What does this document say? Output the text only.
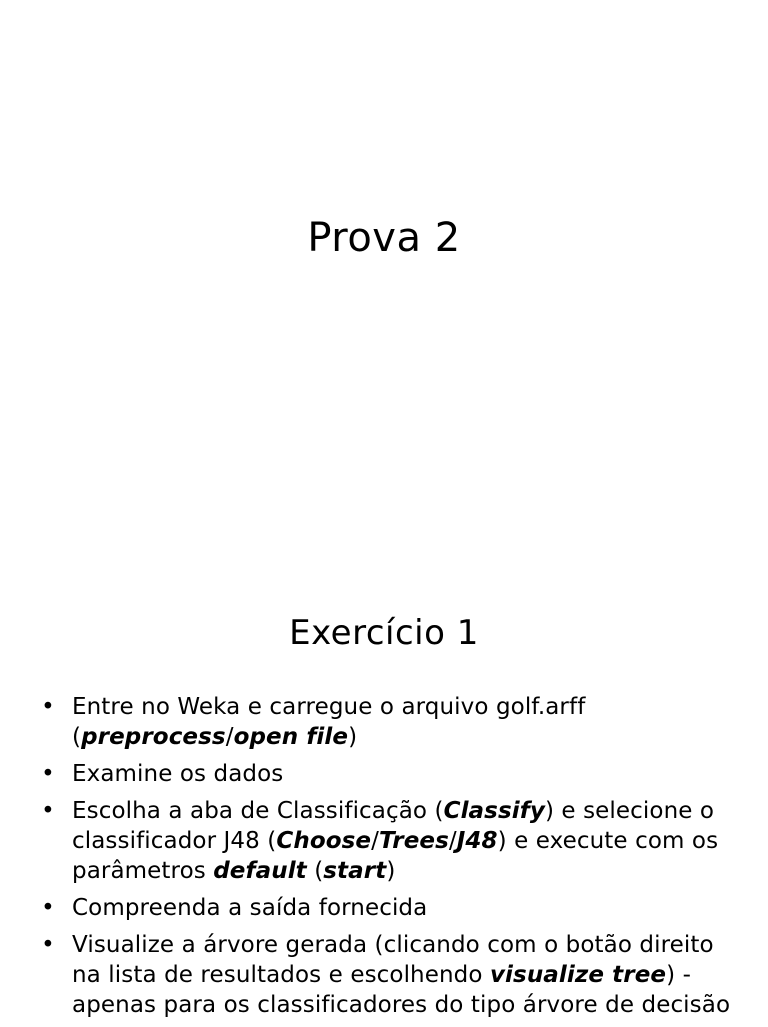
Prova 2
Exercício 1
• Entre no Weka e carregue o arquivo golf.arff (preprocess/open file)
• Examine os dados
• Escolha a aba de Classificação (Classify) e selecione o classificador J48 (Choose/Trees/J48) e execute com os parâmetros default (start)
• Compreenda a saída fornecida
• Visualize a árvore gerada (clicando com o botão direito na lista de resultados e escolhendo visualize tree) - apenas para os classificadores do tipo árvore de decisão
